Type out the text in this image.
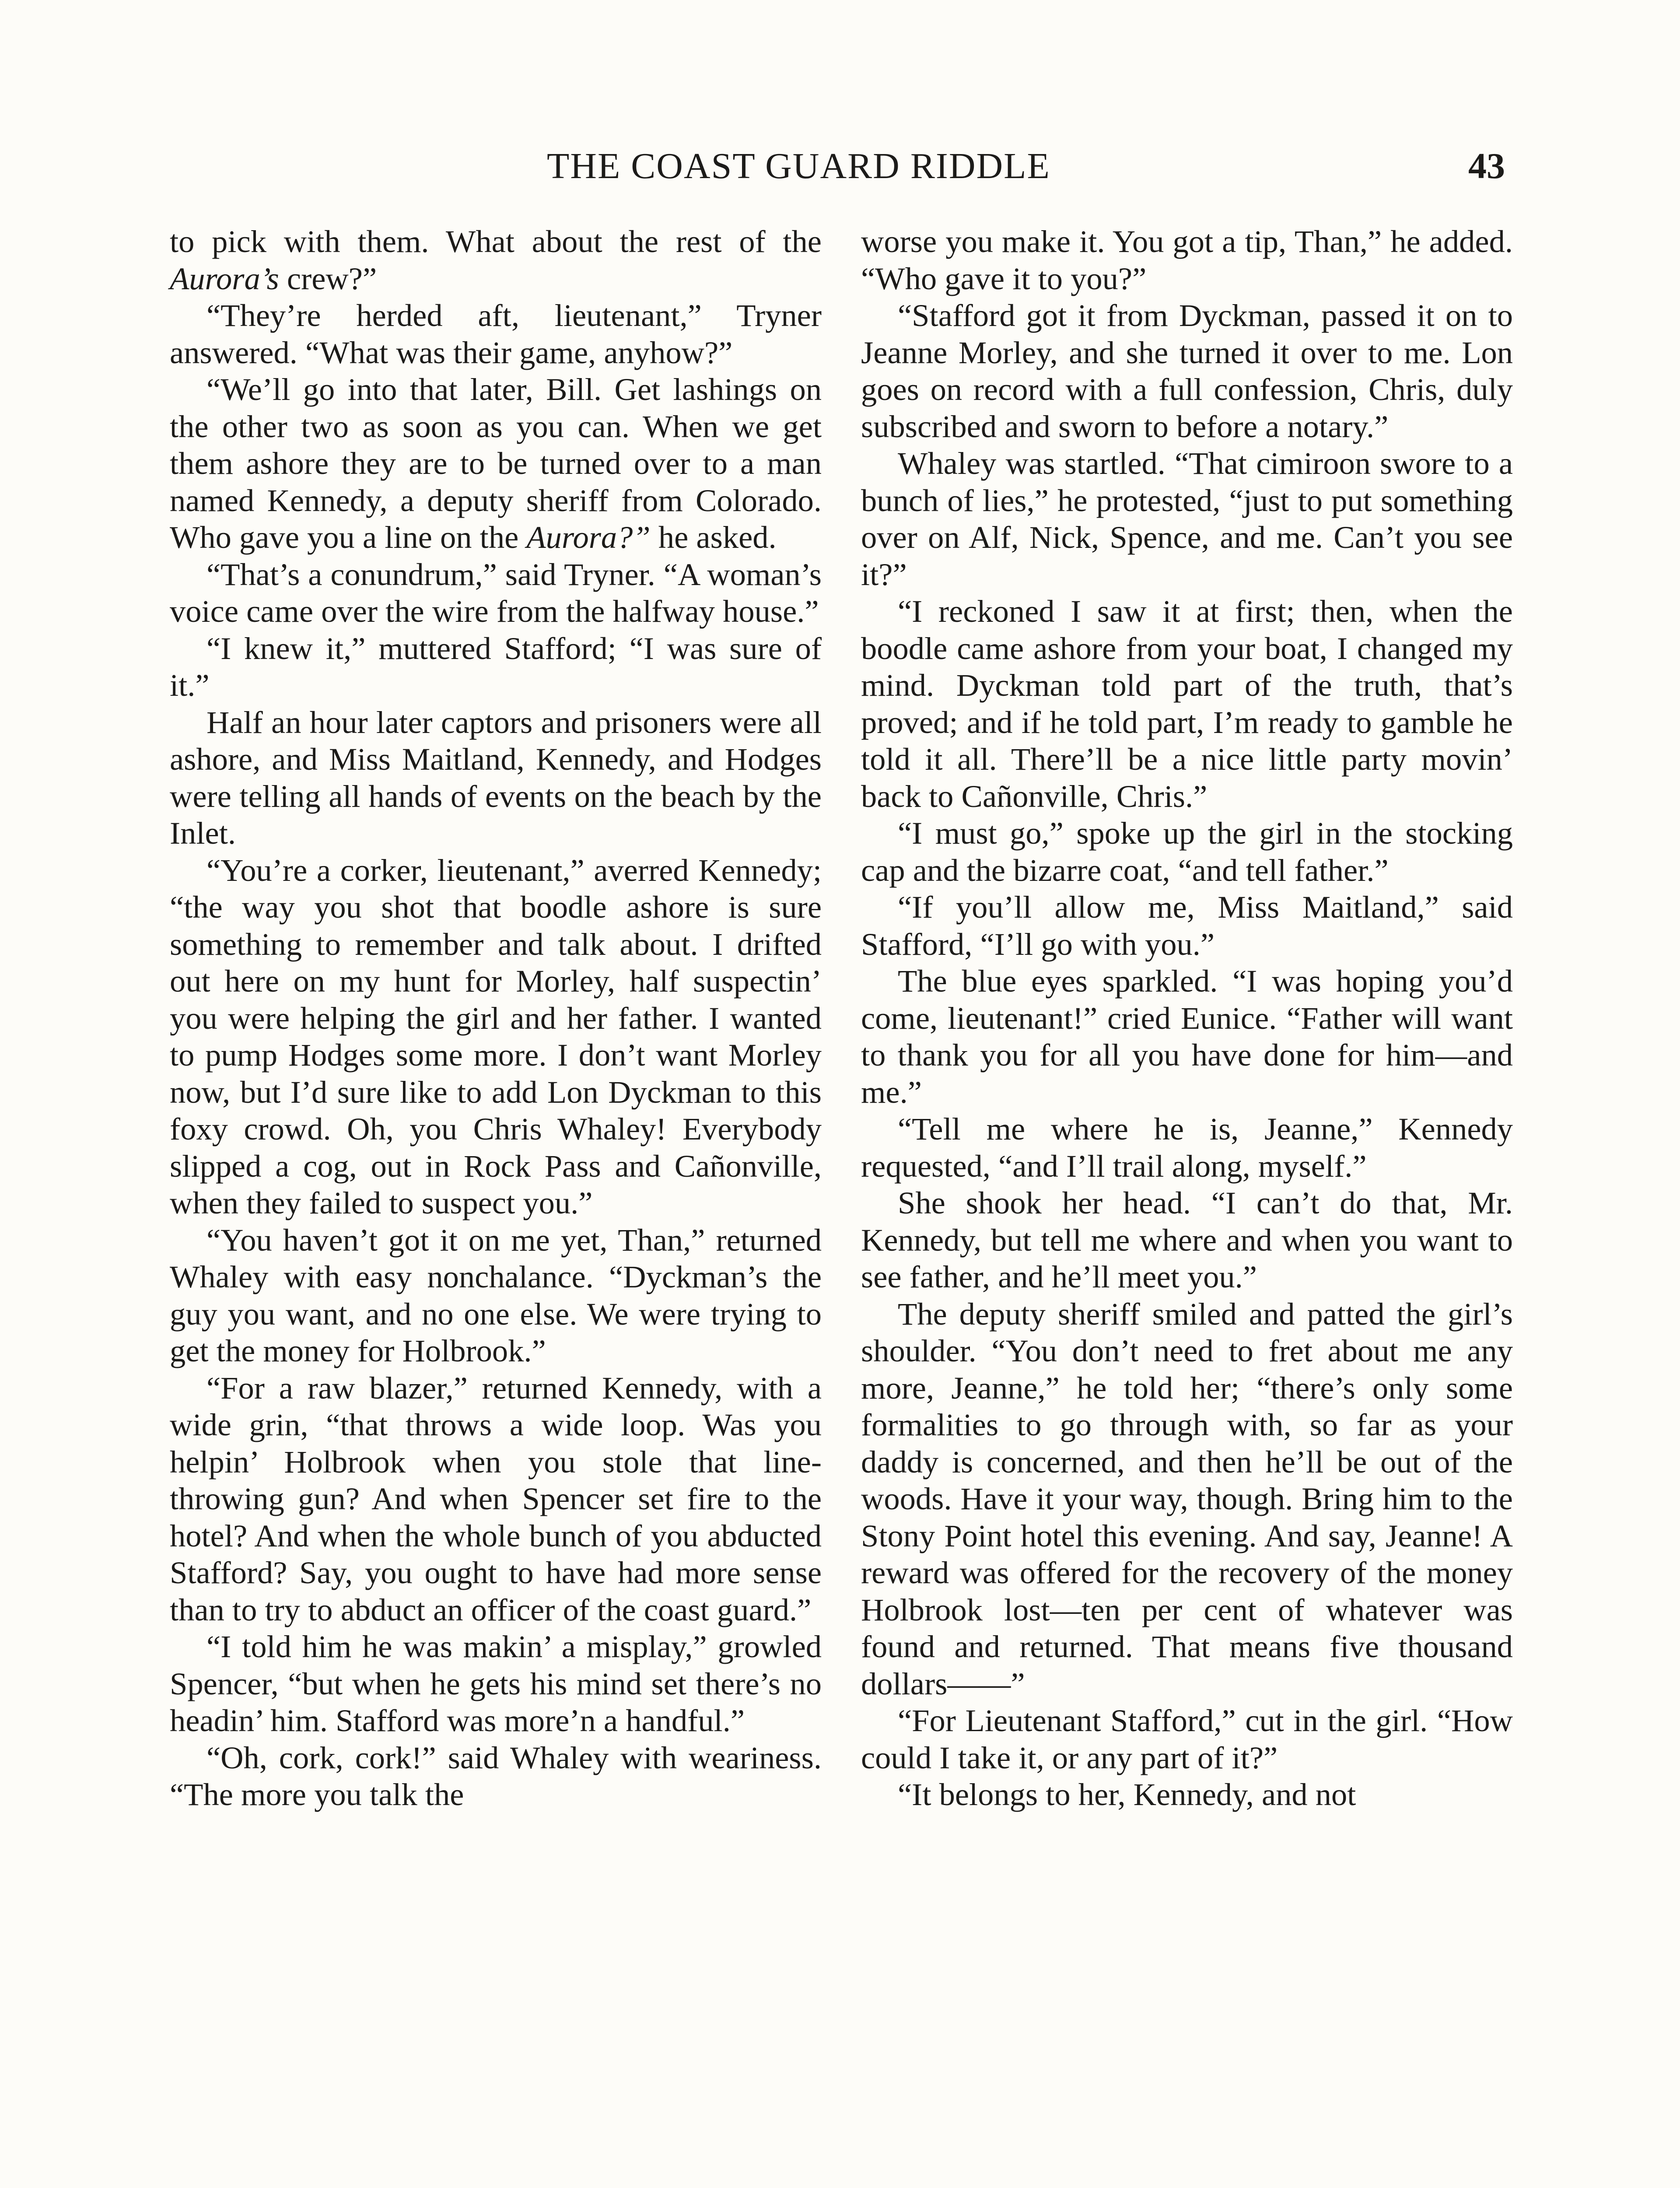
THE COAST GUARD RIDDLE	43

to pick with them. What about the rest of the Aurora’s crew?”

“They’re herded aft, lieutenant,” Tryner answered. “What was their game, anyhow?”

“We’ll go into that later, Bill. Get lashings on the other two as soon as you can. When we get them ashore they are to be turned over to a man named Kennedy, a deputy sheriff from Colorado. Who gave you a line on the Aurora?” he asked.

“That’s a conundrum,” said Tryner. “A woman’s voice came over the wire from the halfway house.”

“I knew it,” muttered Stafford; “I was sure of it.”

Half an hour later captors and prisoners were all ashore, and Miss Maitland, Kennedy, and Hodges were telling all hands of events on the beach by the Inlet.

“You’re a corker, lieutenant,” averred Kennedy; “the way you shot that boodle ashore is sure something to remember and talk about. I drifted out here on my hunt for Morley, half suspectin’ you were helping the girl and her father. I wanted to pump Hodges some more. I don’t want Morley now, but I’d sure like to add Lon Dyckman to this foxy crowd. Oh, you Chris Whaley! Everybody slipped a cog, out in Rock Pass and Cañonville, when they failed to suspect you.”

“You haven’t got it on me yet, Than,” returned Whaley with easy nonchalance. “Dyckman’s the guy you want, and no one else. We were trying to get the money for Holbrook.”

“For a raw blazer,” returned Kennedy, with a wide grin, “that throws a wide loop. Was you helpin’ Holbrook when you stole that line-throwing gun? And when Spencer set fire to the hotel? And when the whole bunch of you abducted Stafford? Say, you ought to have had more sense than to try to abduct an officer of the coast guard.”

“I told him he was makin’ a misplay,” growled Spencer, “but when he gets his mind set there’s no headin’ him. Stafford was more’n a handful.”

“Oh, cork, cork!” said Whaley with weariness. “The more you talk the

worse you make it. You got a tip, Than,” he added. “Who gave it to you?”

“Stafford got it from Dyckman, passed it on to Jeanne Morley, and she turned it over to me. Lon goes on record with a full confession, Chris, duly subscribed and sworn to before a notary.”

Whaley was startled. “That cimiroon swore to a bunch of lies,” he protested, “just to put something over on Alf, Nick, Spence, and me. Can’t you see it?”

“I reckoned I saw it at first; then, when the boodle came ashore from your boat, I changed my mind. Dyckman told part of the truth, that’s proved; and if he told part, I’m ready to gamble he told it all. There’ll be a nice little party movin’ back to Cañonville, Chris.”

“I must go,” spoke up the girl in the stocking cap and the bizarre coat, “and tell father.”

“If you’ll allow me, Miss Maitland,” said Stafford, “I’ll go with you.”

The blue eyes sparkled. “I was hoping you’d come, lieutenant!” cried Eunice. “Father will want to thank you for all you have done for him—and me.”

“Tell me where he is, Jeanne,” Kennedy requested, “and I’ll trail along, myself.”

She shook her head. “I can’t do that, Mr. Kennedy, but tell me where and when you want to see father, and he’ll meet you.”

The deputy sheriff smiled and patted the girl’s shoulder. “You don’t need to fret about me any more, Jeanne,” he told her; “there’s only some formalities to go through with, so far as your daddy is concerned, and then he’ll be out of the woods. Have it your way, though. Bring him to the Stony Point hotel this evening. And say, Jeanne! A reward was offered for the recovery of the money Holbrook lost—ten per cent of whatever was found and returned. That means five thousand dollars——”

“For Lieutenant Stafford,” cut in the girl. “How could I take it, or any part of it?”

“It belongs to her, Kennedy, and not
